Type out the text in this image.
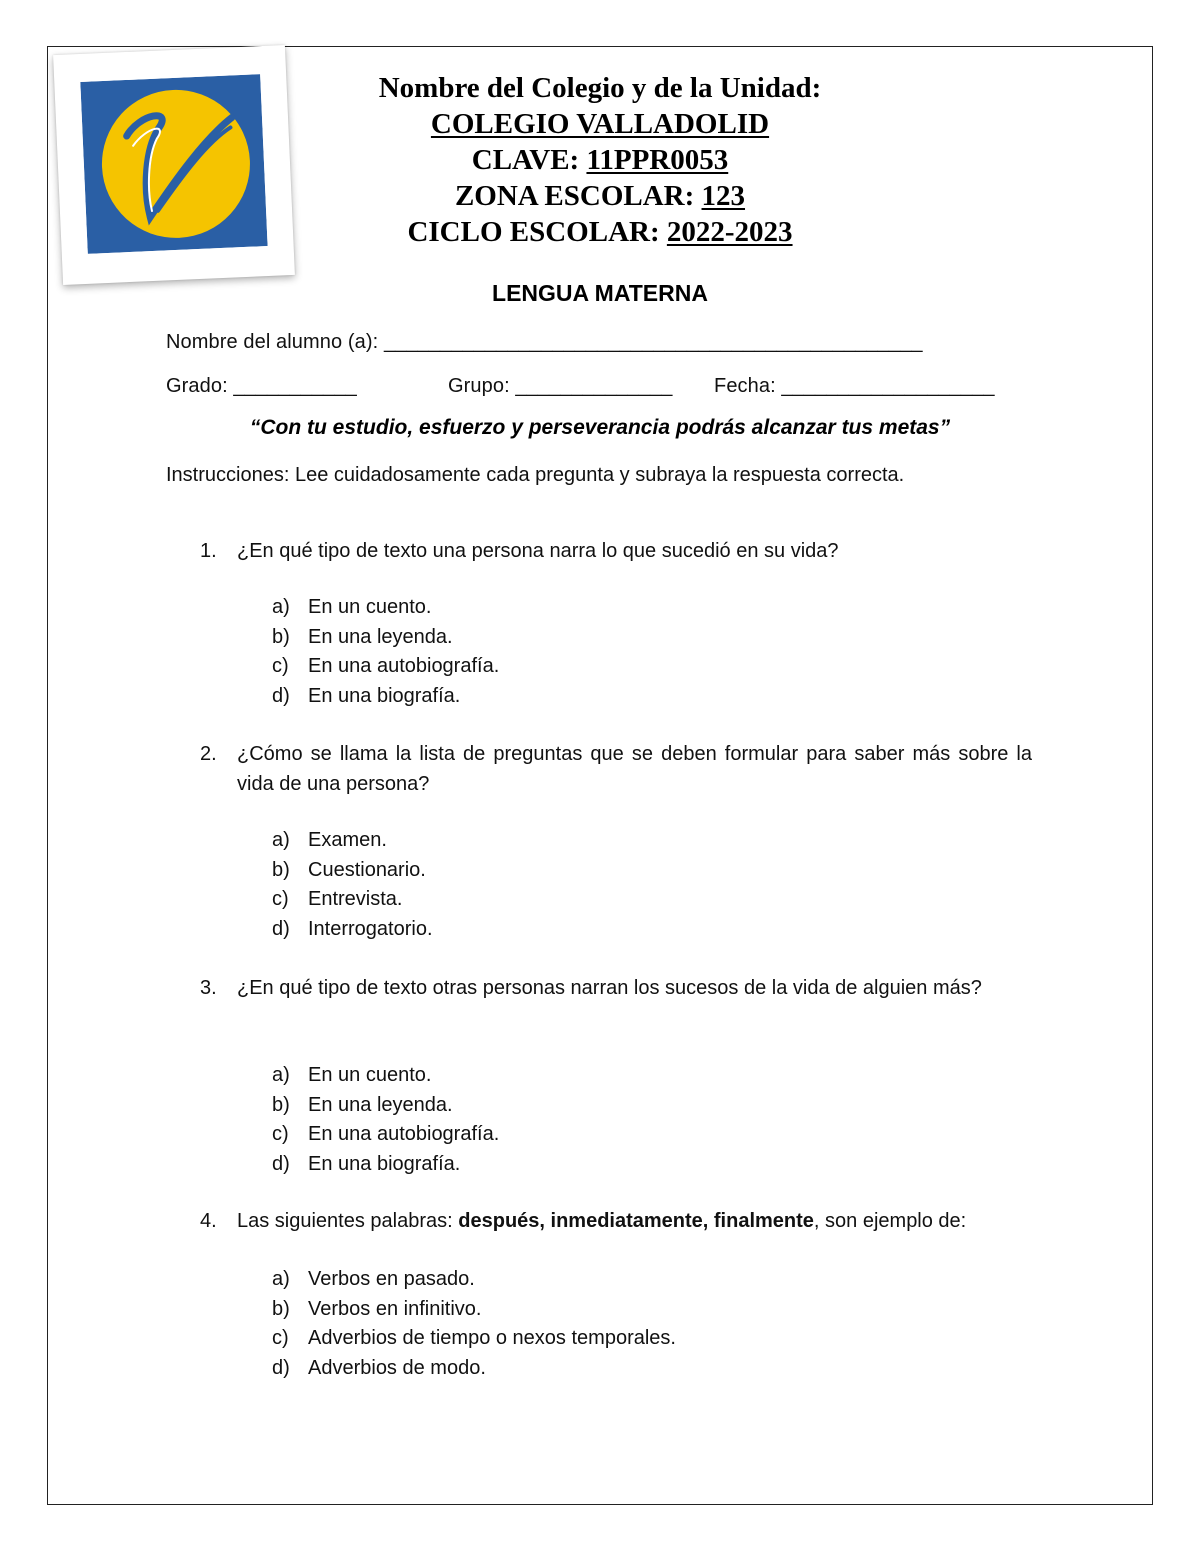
Nombre del Colegio y de la Unidad:
COLEGIO VALLADOLID
CLAVE: 11PPR0053
ZONA ESCOLAR: 123
CICLO ESCOLAR: 2022-2023
LENGUA MATERNA
Nombre del alumno (a): ________________________________________________
Grado: ___________	Grupo: ______________ Fecha: ___________________
“Con tu estudio, esfuerzo y perseverancia podrás alcanzar tus metas”
Instrucciones: Lee cuidadosamente cada pregunta y subraya la respuesta correcta.
1. ¿En qué tipo de texto una persona narra lo que sucedió en su vida?
a) En un cuento.
b) En una leyenda.
c) En una autobiografía.
d) En una biografía.
2. ¿Cómo se llama la lista de preguntas que se deben formular para saber más sobre la vida de una persona?
a) Examen.
b) Cuestionario.
c) Entrevista.
d) Interrogatorio.
3. ¿En qué tipo de texto otras personas narran los sucesos de la vida de alguien más?
a) En un cuento.
b) En una leyenda.
c) En una autobiografía.
d) En una biografía.
4. Las siguientes palabras: después, inmediatamente, finalmente, son ejemplo de:
a) Verbos en pasado.
b) Verbos en infinitivo.
c) Adverbios de tiempo o nexos temporales.
d) Adverbios de modo.
